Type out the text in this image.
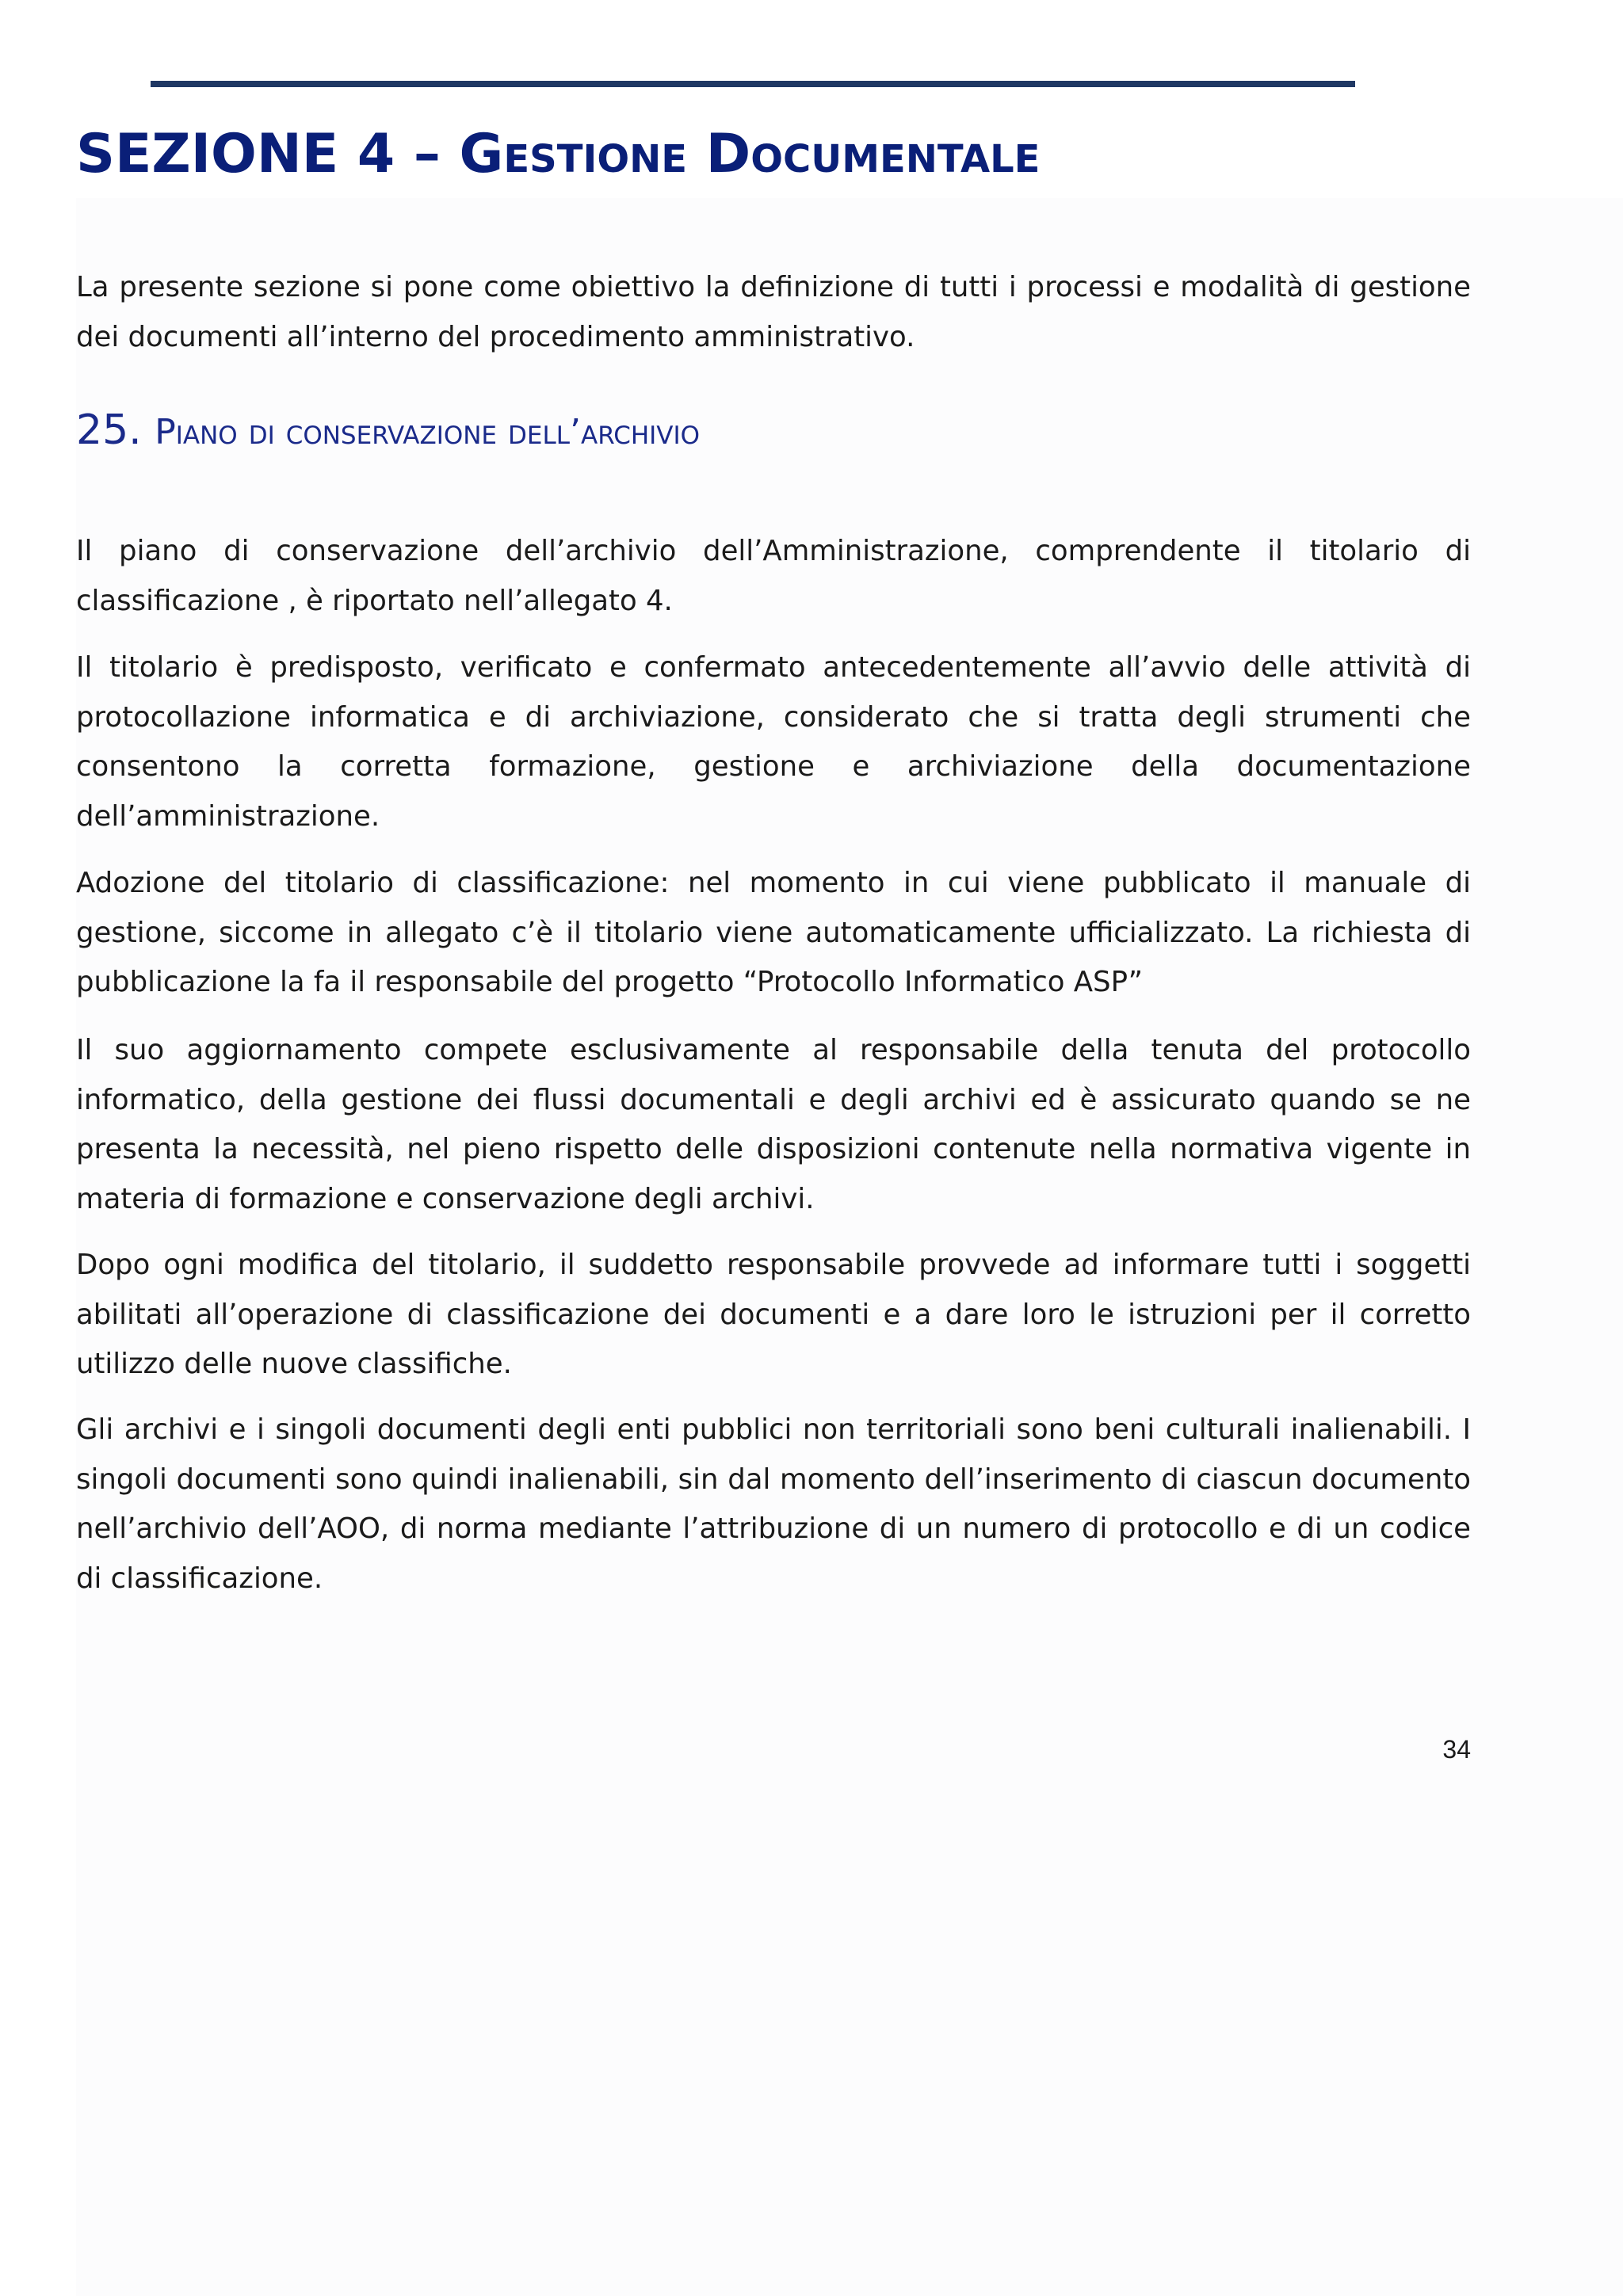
SEZIONE 4 – Gestione Documentale

La presente sezione si pone come obiettivo la definizione di tutti i processi e modalità di gestione dei documenti all’interno del procedimento amministrativo.

25. Piano di conservazione dell’archivio

Il piano di conservazione dell’archivio dell’Amministrazione, comprendente il titolario di classificazione , è riportato nell’allegato 4.

Il titolario è predisposto, verificato e confermato antecedentemente all’avvio delle attività di protocollazione informatica e di archiviazione, considerato che si tratta degli strumenti che consentono la corretta formazione, gestione e archiviazione della documentazione dell’amministrazione.

Adozione del titolario di classificazione: nel momento in cui viene pubblicato il manuale di gestione, siccome in allegato c’è il titolario viene automaticamente ufficializzato. La richiesta di pubblicazione la fa il responsabile del progetto “Protocollo Informatico ASP”

Il suo aggiornamento compete esclusivamente al responsabile della tenuta del protocollo informatico, della gestione dei flussi documentali e degli archivi ed è assicurato quando se ne presenta la necessità, nel pieno rispetto delle disposizioni contenute nella normativa vigente in materia di formazione e conservazione degli archivi.

Dopo ogni modifica del titolario, il suddetto responsabile provvede ad informare tutti i soggetti abilitati all’operazione di classificazione dei documenti e a dare loro le istruzioni per il corretto utilizzo delle nuove classifiche.

Gli archivi e i singoli documenti degli enti pubblici non territoriali sono beni culturali inalienabili. I singoli documenti sono quindi inalienabili, sin dal momento dell’inserimento di ciascun documento nell’archivio dell’AOO, di norma mediante l’attribuzione di un numero di protocollo e di un codice di classificazione.

34
